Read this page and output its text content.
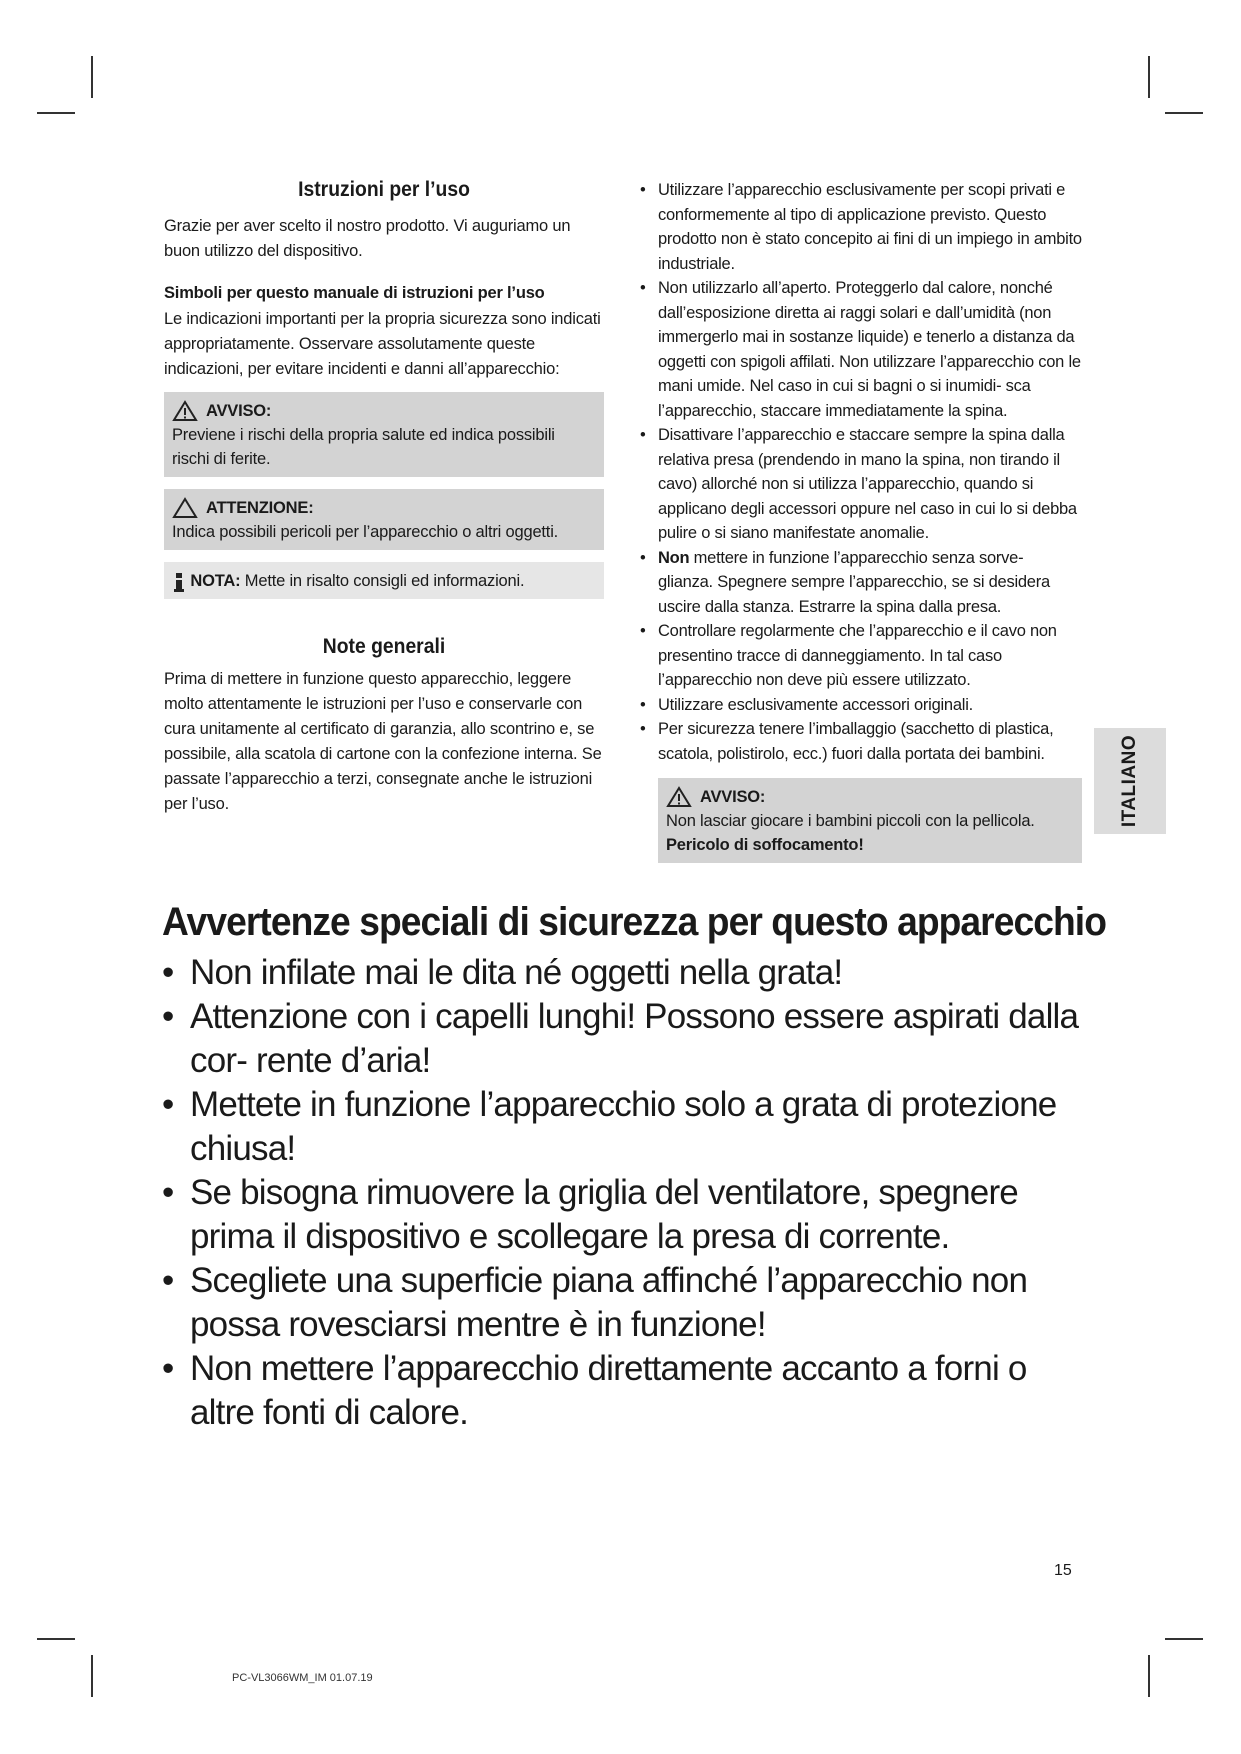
Istruzioni per l’uso

Grazie per aver scelto il nostro prodotto. Vi auguriamo un buon utilizzo del dispositivo.

Simboli per questo manuale di istruzioni per l’uso

Le indicazioni importanti per la propria sicurezza sono indicati appropriatamente. Osservare assolutamente queste indicazioni, per evitare incidenti e danni all’apparecchio:

AVVISO:
Previene i rischi della propria salute ed indica possibili rischi di ferite.
ATTENZIONE:
Indica possibili pericoli per l’apparecchio o altri oggetti.
NOTA: Mette in risalto consigli ed informazioni.
Note generali

Prima di mettere in funzione questo apparecchio, leggere molto attentamente le istruzioni per l’uso e conservarle con cura unitamente al certificato di garanzia, allo scontrino e, se possibile, alla scatola di cartone con la confezione interna. Se passate l’apparecchio a terzi, consegnate anche le istruzioni per l’uso.

• Utilizzare l’apparecchio esclusivamente per scopi privati e conformemente al tipo di applicazione previsto. Questo prodotto non è stato concepito ai fini di un impiego in ambito industriale.
• Non utilizzarlo all’aperto. Proteggerlo dal calore, nonché dall’esposizione diretta ai raggi solari e dall’umidità (non immergerlo mai in sostanze liquide) e tenerlo a distanza da oggetti con spigoli affilati. Non utilizzare l’apparecchio con le mani umide. Nel caso in cui si bagni o si inumidi- sca l’apparecchio, staccare immediatamente la spina.
• Disattivare l’apparecchio e staccare sempre la spina dalla relativa presa (prendendo in mano la spina, non tirando il cavo) allorché non si utilizza l’apparecchio, quando si applicano degli accessori oppure nel caso in cui lo si debba pulire o si siano manifestate anomalie.
• Non mettere in funzione l’apparecchio senza sorve- glianza. Spegnere sempre l’apparecchio, se si desidera uscire dalla stanza. Estrarre la spina dalla presa.
• Controllare regolarmente che l’apparecchio e il cavo non presentino tracce di danneggiamento. In tal caso l’apparecchio non deve più essere utilizzato.
• Utilizzare esclusivamente accessori originali.
• Per sicurezza tenere l’imballaggio (sacchetto di plastica, scatola, polistirolo, ecc.) fuori dalla portata dei bambini.
AVVISO:
Non lasciar giocare i bambini piccoli con la pellicola.
Pericolo di soffocamento!
ITALIANO
Avvertenze speciali di sicurezza per questo apparecchio
• Non infilate mai le dita né oggetti nella grata!
• Attenzione con i capelli lunghi! Possono essere aspirati dalla cor- rente d’aria!
• Mettete in funzione l’apparecchio solo a grata di protezione chiusa!
• Se bisogna rimuovere la griglia del ventilatore, spegnere prima il dispositivo e scollegare la presa di corrente.
• Scegliete una superficie piana affinché l’apparecchio non possa rovesciarsi mentre è in funzione!
• Non mettere l’apparecchio direttamente accanto a forni o altre fonti di calore.
15
PC-VL3066WM_IM 01.07.19
